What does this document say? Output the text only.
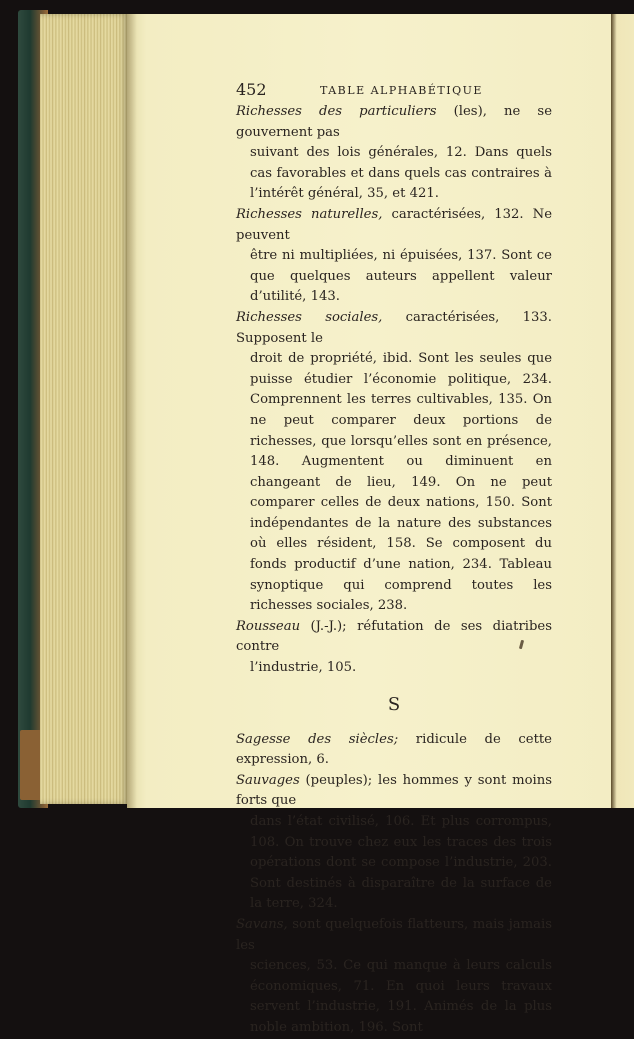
452	TABLE ALPHABÉTIQUE

Richesses des particuliers (les), ne se gouvernent pas
suivant des lois générales, 12. Dans quels cas favorables et dans quels cas contraires à l’intérêt général, 35, et 421.

Richesses naturelles, caractérisées, 132. Ne peuvent
être ni multipliées, ni épuisées, 137. Sont ce que quelques auteurs appellent valeur d’utilité, 143.

Richesses sociales, caractérisées, 133. Supposent le
droit de propriété, ibid. Sont les seules que puisse étudier l’économie politique, 234. Comprennent les terres cultivables, 135. On ne peut comparer deux portions de richesses, que lorsqu’elles sont en présence, 148. Augmentent ou diminuent en changeant de lieu, 149. On ne peut comparer celles de deux nations, 150. Sont indépendantes de la nature des substances où elles résident, 158. Se composent du fonds productif d’une nation, 234. Tableau synoptique qui comprend toutes les richesses sociales, 238.

Rousseau (J.-J.); réfutation de ses diatribes contre
l’industrie, 105.

S

Sagesse des siècles; ridicule de cette expression, 6.

Sauvages (peuples); les hommes y sont moins forts que
dans l’état civilisé, 106. Et plus corrompus, 108. On trouve chez eux les traces des trois opérations dont se compose l’industrie, 203. Sont destinés à disparaître de la surface de la terre, 324.

Savans, sont quelquefois flatteurs, mais jamais les
sciences, 53. Ce qui manque à leurs calculs économiques, 71. En quoi leurs travaux servent l’industrie, 191. Animés de la plus noble ambition, 196. Sont
